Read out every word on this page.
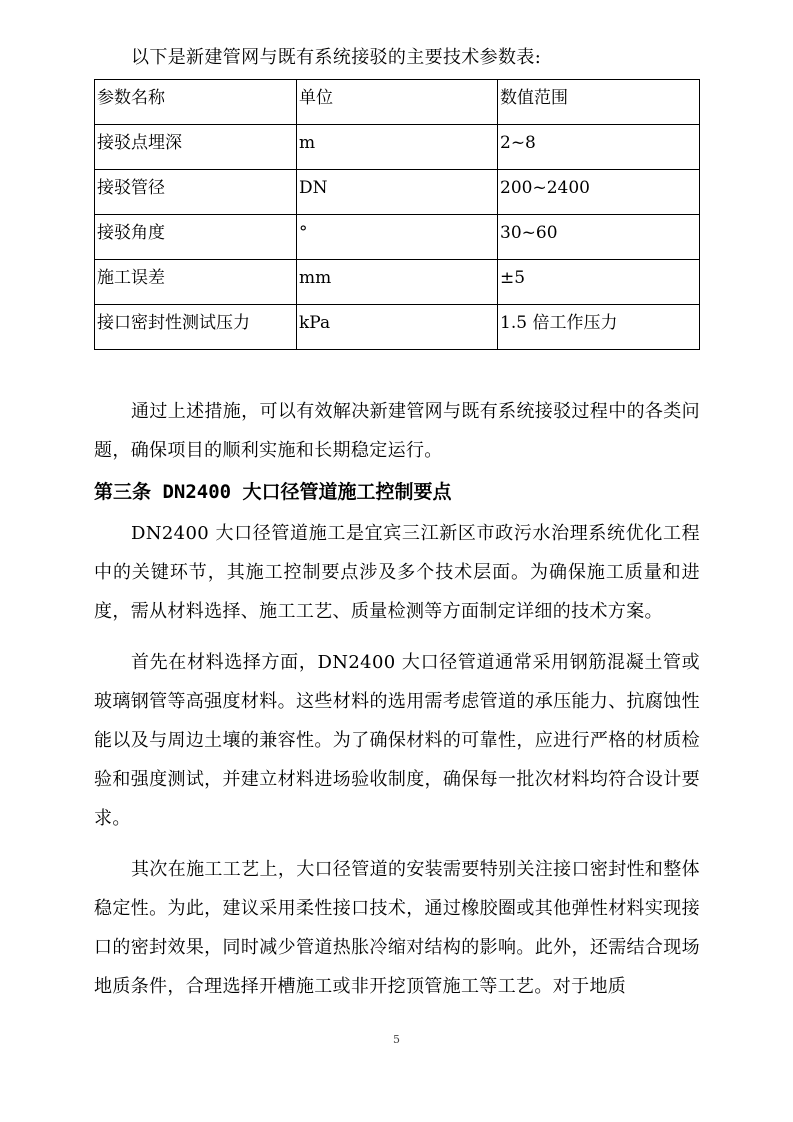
以下是新建管网与既有系统接驳的主要技术参数表:

参数名称	单位	数值范围
接驳点埋深	m	2~8
接驳管径	DN	200~2400
接驳角度	°	30~60
施工误差	mm	±5
接口密封性测试压力	kPa	1.5 倍工作压力

通过上述措施，可以有效解决新建管网与既有系统接驳过程中的各类问题，确保项目的顺利实施和长期稳定运行。

第三条 DN2400 大口径管道施工控制要点

DN2400 大口径管道施工是宜宾三江新区市政污水治理系统优化工程中的关键环节，其施工控制要点涉及多个技术层面。为确保施工质量和进度，需从材料选择、施工工艺、质量检测等方面制定详细的技术方案。

首先在材料选择方面，DN2400 大口径管道通常采用钢筋混凝土管或玻璃钢管等高强度材料。这些材料的选用需考虑管道的承压能力、抗腐蚀性能以及与周边土壤的兼容性。为了确保材料的可靠性，应进行严格的材质检验和强度测试，并建立材料进场验收制度，确保每一批次材料均符合设计要求。

其次在施工工艺上，大口径管道的安装需要特别关注接口密封性和整体稳定性。为此，建议采用柔性接口技术，通过橡胶圈或其他弹性材料实现接口的密封效果，同时减少管道热胀冷缩对结构的影响。此外，还需结合现场地质条件，合理选择开槽施工或非开挖顶管施工等工艺。对于地质

5
